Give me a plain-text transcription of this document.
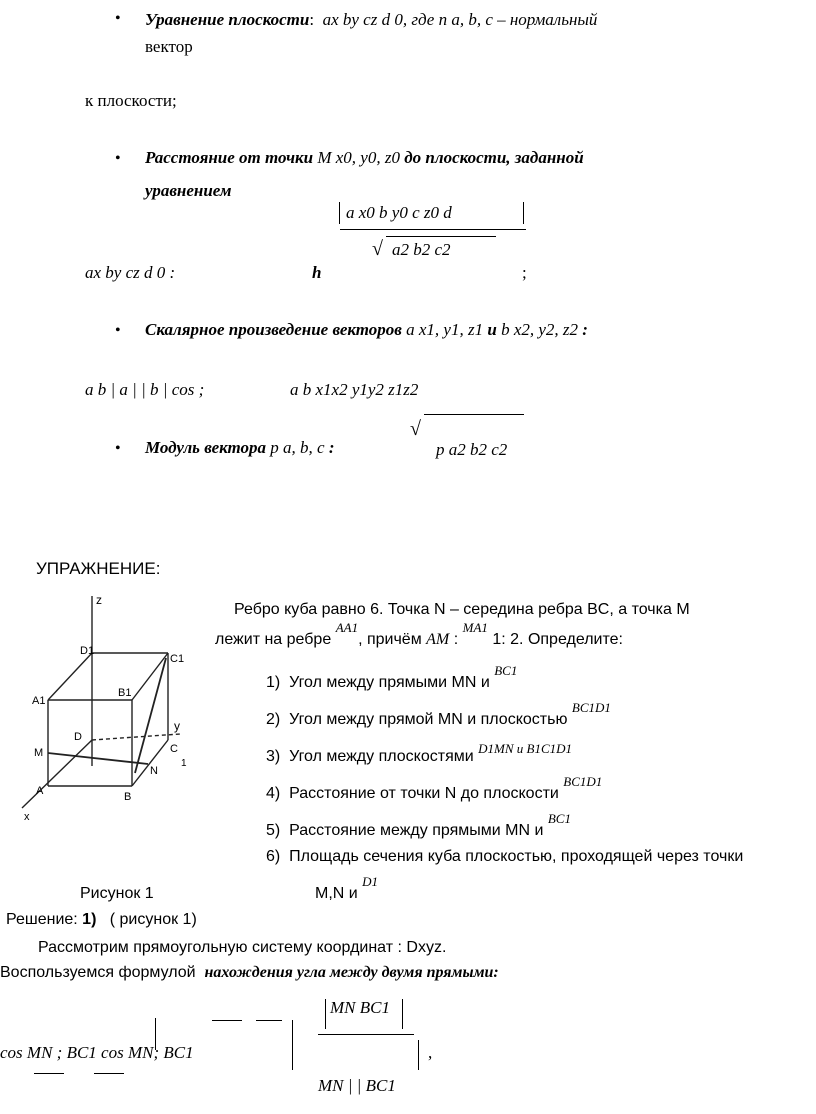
• Уравнение плоскости: ax by cz d 0, где n a, b, c – нормальный
вектор
к плоскости;
• Расстояние от точки M x0, y0, z0 до плоскости, заданной
уравнением
a x0 b y0 c z0 d
√ a2 b2 c2
ax by cz d 0 :	h	;
• Скалярное произведение векторов a x1, y1, z1 и b x2, y2, z2 :
a b | a | | b | cos ;	a b x1x2 y1y2 z1z2
• Модуль вектора p a, b, c :
√
p a2 b2 c2
УПРАЖНЕНИЕ:
z
D1
C1
A1
B1
y
D
C
1
M
N
A	B
x
Ребро куба равно 6. Точка N – середина ребра BC, а точка M
лежит на ребре $^{AA1}$, причём AM : $^{MA1}$ 1: 2. Определите:
1) Угол между прямыми MN и $^{BC1}$
2) Угол между прямой MN и плоскостью $^{BC1D1}$
3) Угол между плоскостями $^{D1MN и B1C1D1}$
4) Расстояние от точки N до плоскости $^{BC1D1}$
5) Расстояние между прямыми MN и $^{BC1}$
6) Площадь сечения куба плоскостью, проходящей через точки
Рисунок 1	M,N и $^{D1}$
Решение: 1) ( рисунок 1)
Рассмотрим прямоугольную систему координат : Dxyz.
Воспользуемся формулой нахождения угла между двумя прямыми:
MN BC1
cos MN ; BC1 cos MN; BC1	,
MN | | BC1
